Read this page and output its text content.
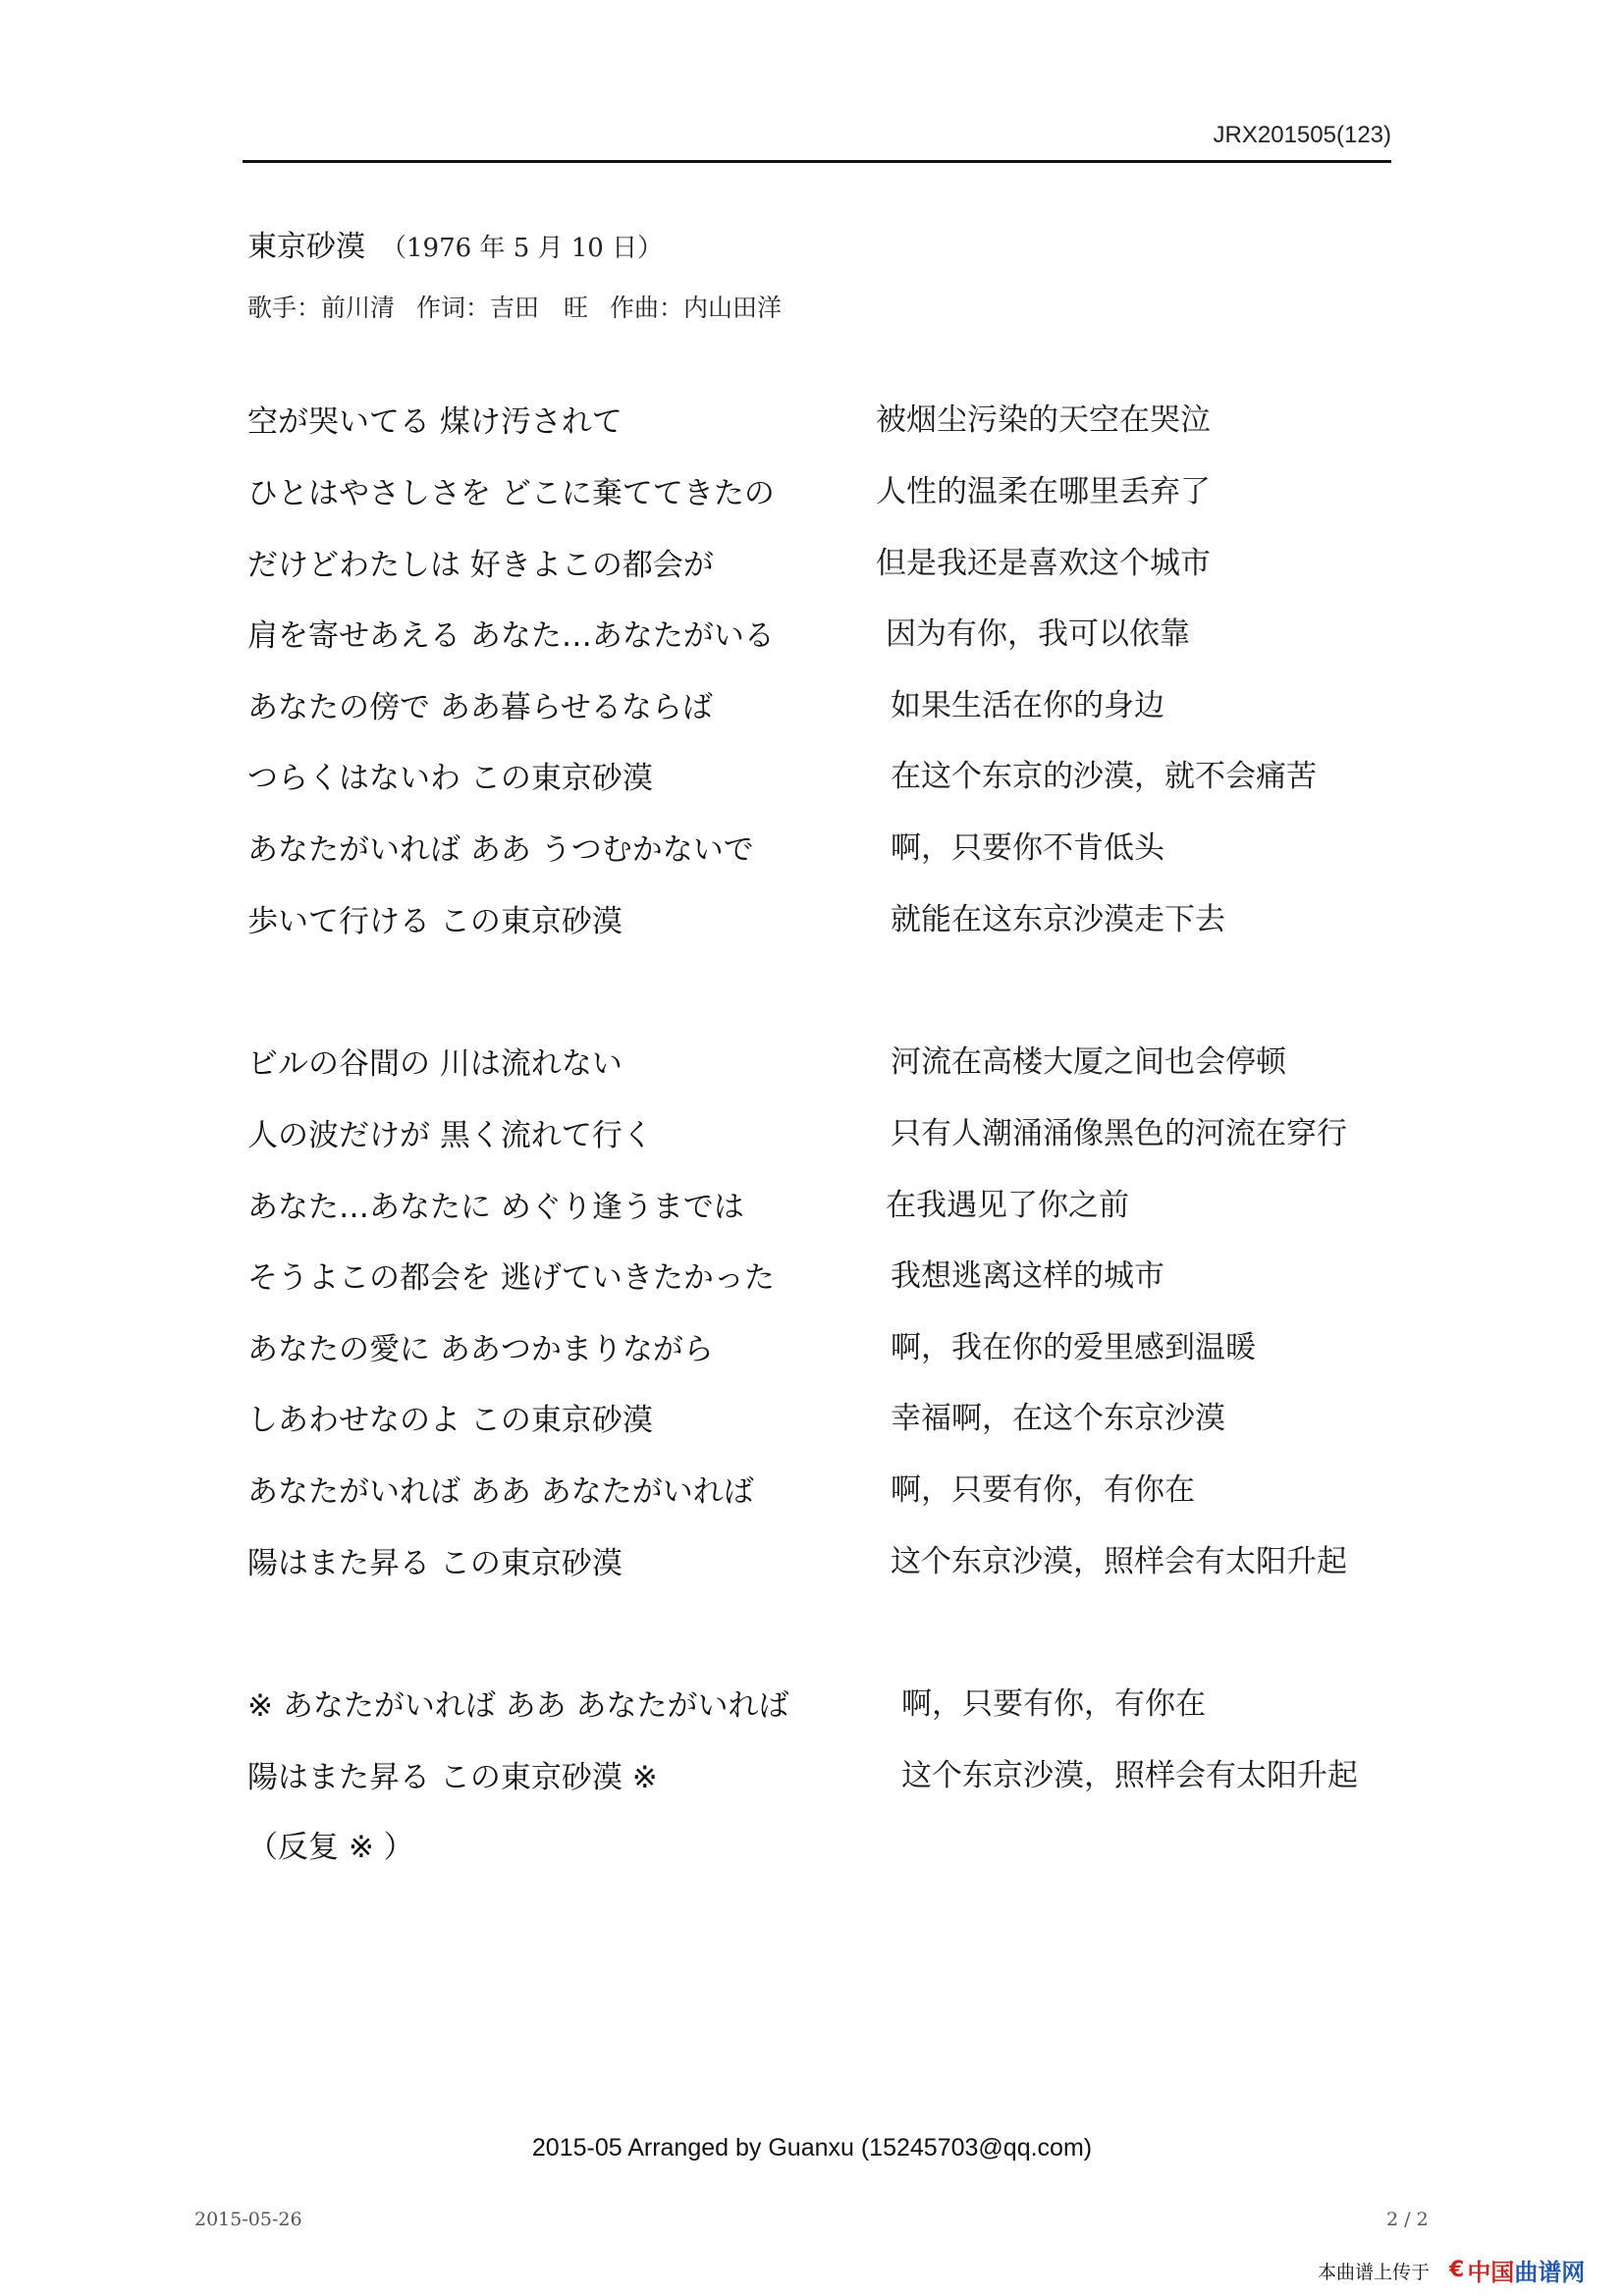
JRX201505(123)
東京砂漠 （1976 年 5 月 10 日）
歌手：前川清 作词：吉田　旺 作曲：内山田洋
空が哭いてる 煤け汚されて	被烟尘污染的天空在哭泣
ひとはやさしさを どこに棄ててきたの	人性的温柔在哪里丢弃了
だけどわたしは 好きよこの都会が	但是我还是喜欢这个城市
肩を寄せあえる あなた…あなたがいる	因为有你，我可以依靠
あなたの傍で ああ暮らせるならば	如果生活在你的身边
つらくはないわ この東京砂漠	在这个东京的沙漠，就不会痛苦
あなたがいれば ああ うつむかないで	啊，只要你不肯低头
歩いて行ける この東京砂漠	就能在这东京沙漠走下去
ビルの谷間の 川は流れない	河流在高楼大厦之间也会停顿
人の波だけが 黒く流れて行く	只有人潮涌涌像黑色的河流在穿行
あなた…あなたに めぐり逢うまでは	在我遇见了你之前
そうよこの都会を 逃げていきたかった	我想逃离这样的城市
あなたの愛に ああつかまりながら	啊，我在你的爱里感到温暖
しあわせなのよ この東京砂漠	幸福啊，在这个东京沙漠
あなたがいれば ああ あなたがいれば	啊，只要有你，有你在
陽はまた昇る この東京砂漠	这个东京沙漠，照样会有太阳升起
※ あなたがいれば ああ あなたがいれば	啊，只要有你，有你在
陽はまた昇る この東京砂漠 ※	这个东京沙漠，照样会有太阳升起
（反复 ※ ）
2015-05 Arranged by Guanxu (15245703@qq.com)
2015-05-26	2 / 2
本曲谱上传于 € 中国 曲谱网
